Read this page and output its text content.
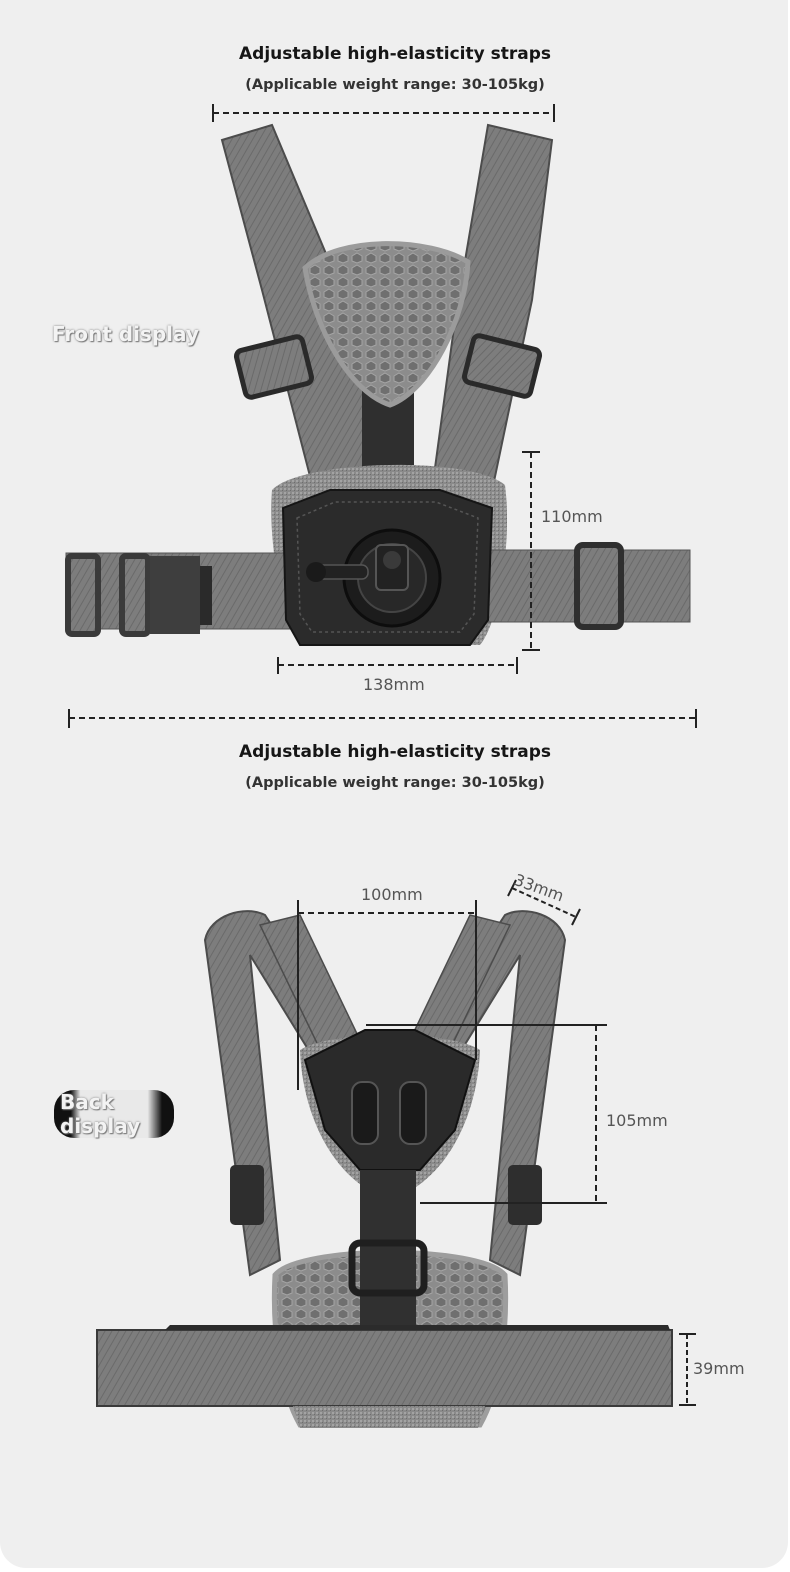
Adjustable high-elasticity straps
(Applicable weight range: 30-105kg)
Front display
110mm
138mm
Adjustable high-elasticity straps
(Applicable weight range: 30-105kg)
100mm	33mm
105mm
39mm
Back display
